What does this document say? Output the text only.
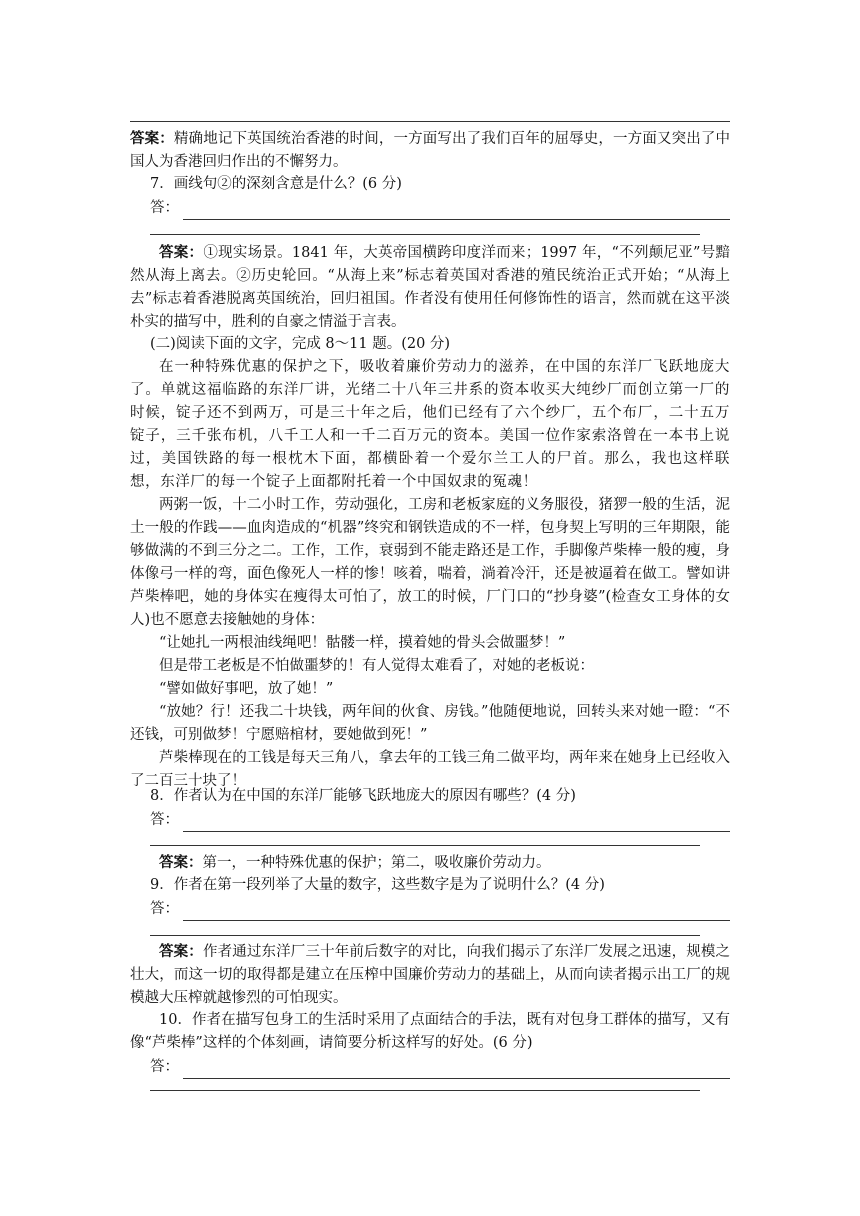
答案：精确地记下英国统治香港的时间，一方面写出了我们百年的屈辱史，一方面又突出了中国人为香港回归作出的不懈努力。
7．画线句②的深刻含意是什么？(6 分)
答：
答案：①现实场景。1841 年，大英帝国横跨印度洋而来；1997 年，“不列颠尼亚”号黯然从海上离去。②历史轮回。“从海上来”标志着英国对香港的殖民统治正式开始；“从海上去”标志着香港脱离英国统治，回归祖国。作者没有使用任何修饰性的语言，然而就在这平淡朴实的描写中，胜利的自豪之情溢于言表。
(二)阅读下面的文字，完成 8～11 题。(20 分)
在一种特殊优惠的保护之下，吸收着廉价劳动力的滋养，在中国的东洋厂飞跃地庞大了。单就这福临路的东洋厂讲，光绪二十八年三井系的资本收买大纯纱厂而创立第一厂的时候，锭子还不到两万，可是三十年之后，他们已经有了六个纱厂，五个布厂，二十五万锭子，三千张布机，八千工人和一千二百万元的资本。美国一位作家索洛曾在一本书上说过，美国铁路的每一根枕木下面，都横卧着一个爱尔兰工人的尸首。那么，我也这样联想，东洋厂的每一个锭子上面都附托着一个中国奴隶的冤魂！
两粥一饭，十二小时工作，劳动强化，工房和老板家庭的义务服役，猪猡一般的生活，泥土一般的作践——血肉造成的“机器”终究和钢铁造成的不一样，包身契上写明的三年期限，能够做满的不到三分之二。工作，工作，衰弱到不能走路还是工作，手脚像芦柴棒一般的瘦，身体像弓一样的弯，面色像死人一样的惨！咳着，喘着，淌着冷汗，还是被逼着在做工。譬如讲芦柴棒吧，她的身体实在瘦得太可怕了，放工的时候，厂门口的“抄身婆”(检查女工身体的女人)也不愿意去接触她的身体：
“让她扎一两根油线绳吧！骷髅一样，摸着她的骨头会做噩梦！”
但是带工老板是不怕做噩梦的！有人觉得太难看了，对她的老板说：
“譬如做好事吧，放了她！”
“放她？行！还我二十块钱，两年间的伙食、房钱。”他随便地说，回转头来对她一瞪：“不还钱，可别做梦！宁愿赔棺材，要她做到死！”
芦柴棒现在的工钱是每天三角八，拿去年的工钱三角二做平均，两年来在她身上已经收入了二百三十块了！
8．作者认为在中国的东洋厂能够飞跃地庞大的原因有哪些？(4 分)
答：
答案：第一，一种特殊优惠的保护；第二，吸收廉价劳动力。
9．作者在第一段列举了大量的数字，这些数字是为了说明什么？(4 分)
答：
答案：作者通过东洋厂三十年前后数字的对比，向我们揭示了东洋厂发展之迅速，规模之壮大，而这一切的取得都是建立在压榨中国廉价劳动力的基础上，从而向读者揭示出工厂的规模越大压榨就越惨烈的可怕现实。
10．作者在描写包身工的生活时采用了点面结合的手法，既有对包身工群体的描写，又有像“芦柴棒”这样的个体刻画，请简要分析这样写的好处。(6 分)
答：
